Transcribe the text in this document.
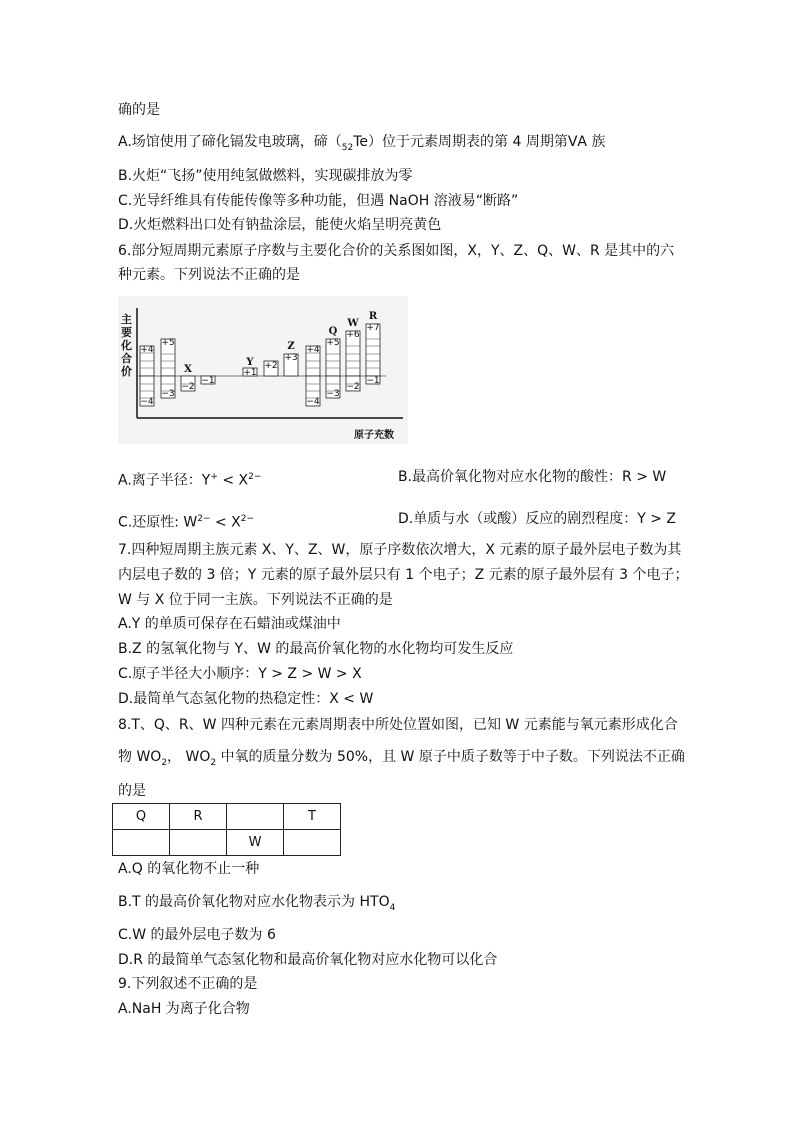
确的是
A.场馆使用了碲化镉发电玻璃，碲$(_{52}Te)$位于元素周期表的第 4 周期第ⅤA 族
B.火炬“飞扬”使用纯氢做燃料，实现碳排放为零
C.光导纤维具有传能传像等多种功能，但遇 NaOH 溶液易“断路”
D.火炬燃料出口处有钠盐涂层，能使火焰呈明亮黄色
6.部分短周期元素原子序数与主要化合价的关系图如图，X，Y、Z、Q、W、R 是其中的六
种元素。下列说法不正确的是
主
要
化
合
价
+4
+5
−4
−3
−2
−1
+1
+2
+3
+4
+5
+6
+7
−4
−3
−2
−1
X
Y
Z
Q
W
R
原子充数
A.离子半径：$Y^+ < X^{2-}$	B.最高价氧化物对应水化物的酸性：R > W
C.还原性: $W^{2-} < X^{2-}$	D.单质与水（或酸）反应的剧烈程度：Y > Z
7.四种短周期主族元素 X、Y、Z、W，原子序数依次增大，X 元素的原子最外层电子数为其
内层电子数的 3 倍；Y 元素的原子最外层只有 1 个电子；Z 元素的原子最外层有 3 个电子；
W 与 X 位于同一主族。下列说法不正确的是
A.Y 的单质可保存在石蜡油或煤油中
B.Z 的氢氧化物与 Y、W 的最高价氧化物的水化物均可发生反应
C.原子半径大小顺序：Y > Z > W > X
D.最简单气态氢化物的热稳定性：X < W
8.T、Q、R、W 四种元素在元素周期表中所处位置如图，已知 W 元素能与氧元素形成化合
物 $WO_2$， $WO_2$ 中氧的质量分数为 50%，且 W 原子中质子数等于中子数。下列说法不正确
的是
Q	R		T
		W	
A.Q 的氧化物不止一种
B.T 的最高价氧化物对应水化物表示为 $HTO_4$
C.W 的最外层电子数为 6
D.R 的最简单气态氢化物和最高价氧化物对应水化物可以化合
9.下列叙述不正确的是
A.NaH 为离子化合物
